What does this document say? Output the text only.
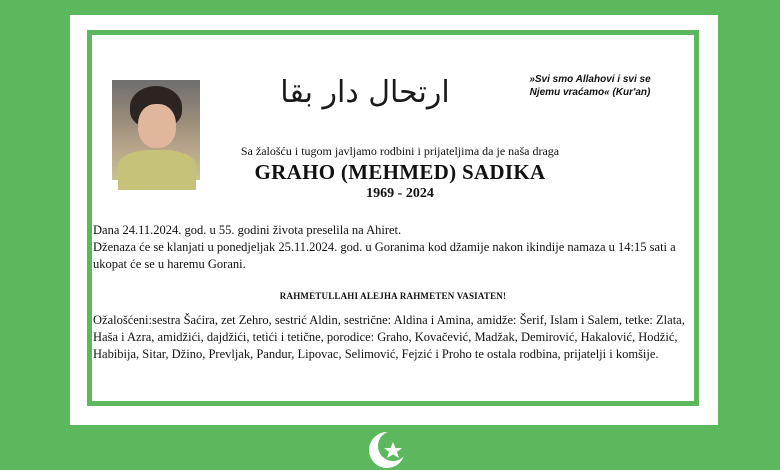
ارتحال دار بقا	»Svi smo Allahovi i svi se
Njemu vraćamo« (Kur'an)
Sa žalošću i tugom javljamo rodbini i prijateljima da je naša draga
GRAHO (MEHMED) SADIKA
1969 - 2024

Dana 24.11.2024. god. u 55. godini života preselila na Ahiret.

Dženaza će se klanjati u ponedjeljak 25.11.2024. god. u Goranima kod džamije nakon ikindije namaza u 14:15 sati a ukopat će se u haremu Gorani.

RAHMETULLAHI ALEJHA RAHMETEN VASIATEN!
Ožalošćeni:sestra Šaćira, zet Zehro, sestrić Aldin, sestrične: Aldina i Amina, amidže: Šerif, Islam i Salem, tetke: Zlata, Haša i Azra, amidžići, dajdžići, tetići i tetične, porodice: Graho, Kovačević, Madžak, Demirović, Hakalović, Hodžić, Habibija, Sitar, Džino, Prevljak, Pandur, Lipovac, Selimović, Fejzić i Proho te ostala rodbina, prijatelji i komšije.
